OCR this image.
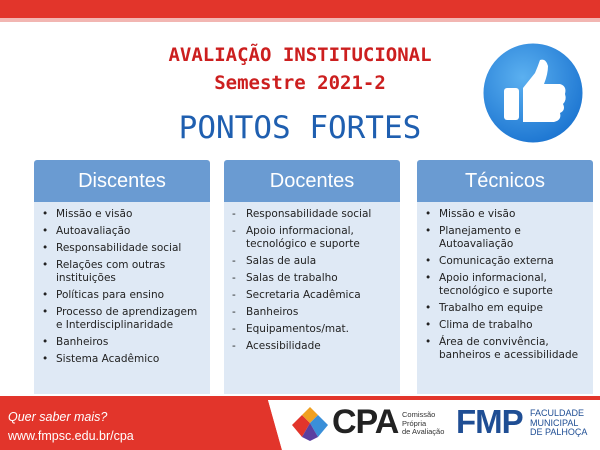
AVALIAÇÃO INSTITUCIONAL
Semestre 2021-2
PONTOS FORTES
Discentes
• Missão e visão
• Autoavaliação
• Responsabilidade social
• Relações com outras instituições
• Políticas para ensino
• Processo de aprendizagem e Interdisciplinaridade
• Banheiros
• Sistema Acadêmico
Docentes
- Responsabilidade social
- Apoio informacional, tecnológico e suporte
- Salas de aula
- Salas de trabalho
- Secretaria Acadêmica
- Banheiros
- Equipamentos/mat.
- Acessibilidade
Técnicos
• Missão e visão
• Planejamento e Autoavaliação
• Comunicação externa
• Apoio informacional, tecnológico e suporte
• Trabalho em equipe
• Clima de trabalho
• Área de convivência, banheiros e acessibilidade
Quer saber mais?
www.fmpsc.edu.br/cpa	CPA Comissão
Própria
de Avaliação FMP FACULDADE
MUNICIPAL
DE PALHOÇA
